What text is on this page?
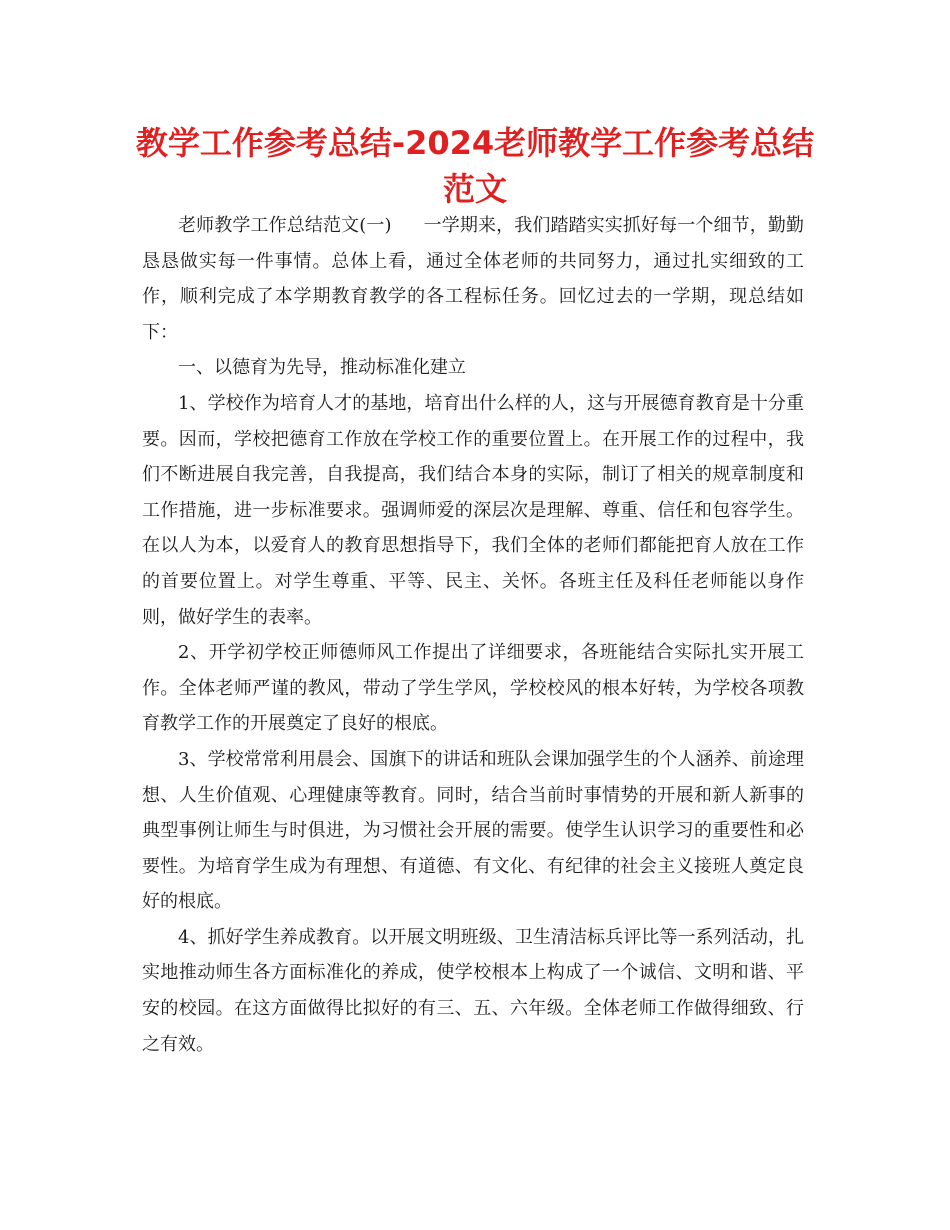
教学工作参考总结-2024老师教学工作参考总结范文

老师教学工作总结范文(一) 一学期来，我们踏踏实实抓好每一个细节，勤勤恳恳做实每一件事情。总体上看，通过全体老师的共同努力，通过扎实细致的工作，顺利完成了本学期教育教学的各工程标任务。回忆过去的一学期，现总结如下：

一、以德育为先导，推动标准化建立

1、学校作为培育人才的基地，培育出什么样的人，这与开展德育教育是十分重要。因而，学校把德育工作放在学校工作的重要位置上。在开展工作的过程中，我们不断进展自我完善，自我提高，我们结合本身的实际，制订了相关的规章制度和工作措施，进一步标准要求。强调师爱的深层次是理解、尊重、信任和包容学生。在以人为本，以爱育人的教育思想指导下，我们全体的老师们都能把育人放在工作的首要位置上。对学生尊重、平等、民主、关怀。各班主任及科任老师能以身作则，做好学生的表率。

2、开学初学校正师德师风工作提出了详细要求，各班能结合实际扎实开展工作。全体老师严谨的教风，带动了学生学风，学校校风的根本好转，为学校各项教育教学工作的开展奠定了良好的根底。

3、学校常常利用晨会、国旗下的讲话和班队会课加强学生的个人涵养、前途理想、人生价值观、心理健康等教育。同时，结合当前时事情势的开展和新人新事的典型事例让师生与时俱进，为习惯社会开展的需要。使学生认识学习的重要性和必要性。为培育学生成为有理想、有道德、有文化、有纪律的社会主义接班人奠定良好的根底。

4、抓好学生养成教育。以开展文明班级、卫生清洁标兵评比等一系列活动，扎实地推动师生各方面标准化的养成，使学校根本上构成了一个诚信、文明和谐、平安的校园。在这方面做得比拟好的有三、五、六年级。全体老师工作做得细致、行之有效。
